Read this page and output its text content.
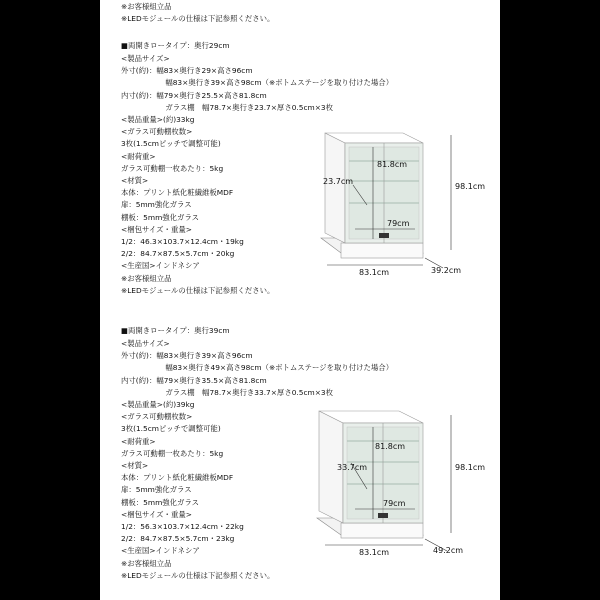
※お客様組立品
※LEDモジュールの仕様は下記参照ください。
■両開きロータイプ：奥行29cm
<製品サイズ>
外寸(約)：幅83×奥行き29×高さ96cm
　　　　　　幅83×奥行き39×高さ98cm（※ボトムステージを取り付けた場合）
内寸(約)：幅79×奥行き25.5×高さ81.8cm
　　　　　　ガラス棚　幅78.7×奥行き23.7×厚さ0.5cm×3枚
<製品重量>(約)33kg
<ガラス可動棚枚数>
3枚(1.5cmピッチで調整可能)
<耐荷重>
ガラス可動棚一枚あたり：5kg
<材質>
本体：プリント紙化粧繊維板MDF
扉：5mm強化ガラス
棚板：5mm強化ガラス
<梱包サイズ・重量>
1/2：46.3×103.7×12.4cm・19kg
2/2：84.7×87.5×5.7cm・20kg
<生産国>インドネシア
※お客様組立品
※LEDモジュールの仕様は下記参照ください。
■両開きロータイプ：奥行39cm
<製品サイズ>
外寸(約)：幅83×奥行き39×高さ96cm
　　　　　　幅83×奥行き49×高さ98cm（※ボトムステージを取り付けた場合）
内寸(約)：幅79×奥行き35.5×高さ81.8cm
　　　　　　ガラス棚　幅78.7×奥行き33.7×厚さ0.5cm×3枚
<製品重量>(約)39kg
<ガラス可動棚枚数>
3枚(1.5cmピッチで調整可能)
<耐荷重>
ガラス可動棚一枚あたり：5kg
<材質>
本体：プリント紙化粧繊維板MDF
扉：5mm強化ガラス
棚板：5mm強化ガラス
<梱包サイズ・重量>
1/2：56.3×103.7×12.4cm・22kg
2/2：84.7×87.5×5.7cm・23kg
<生産国>インドネシア
※お客様組立品
※LEDモジュールの仕様は下記参照ください。
81.8cm
23.7cm
79cm
98.1cm
83.1cm	39.2cm
81.8cm
33.7cm
79cm
98.1cm
83.1cm	49.2cm
